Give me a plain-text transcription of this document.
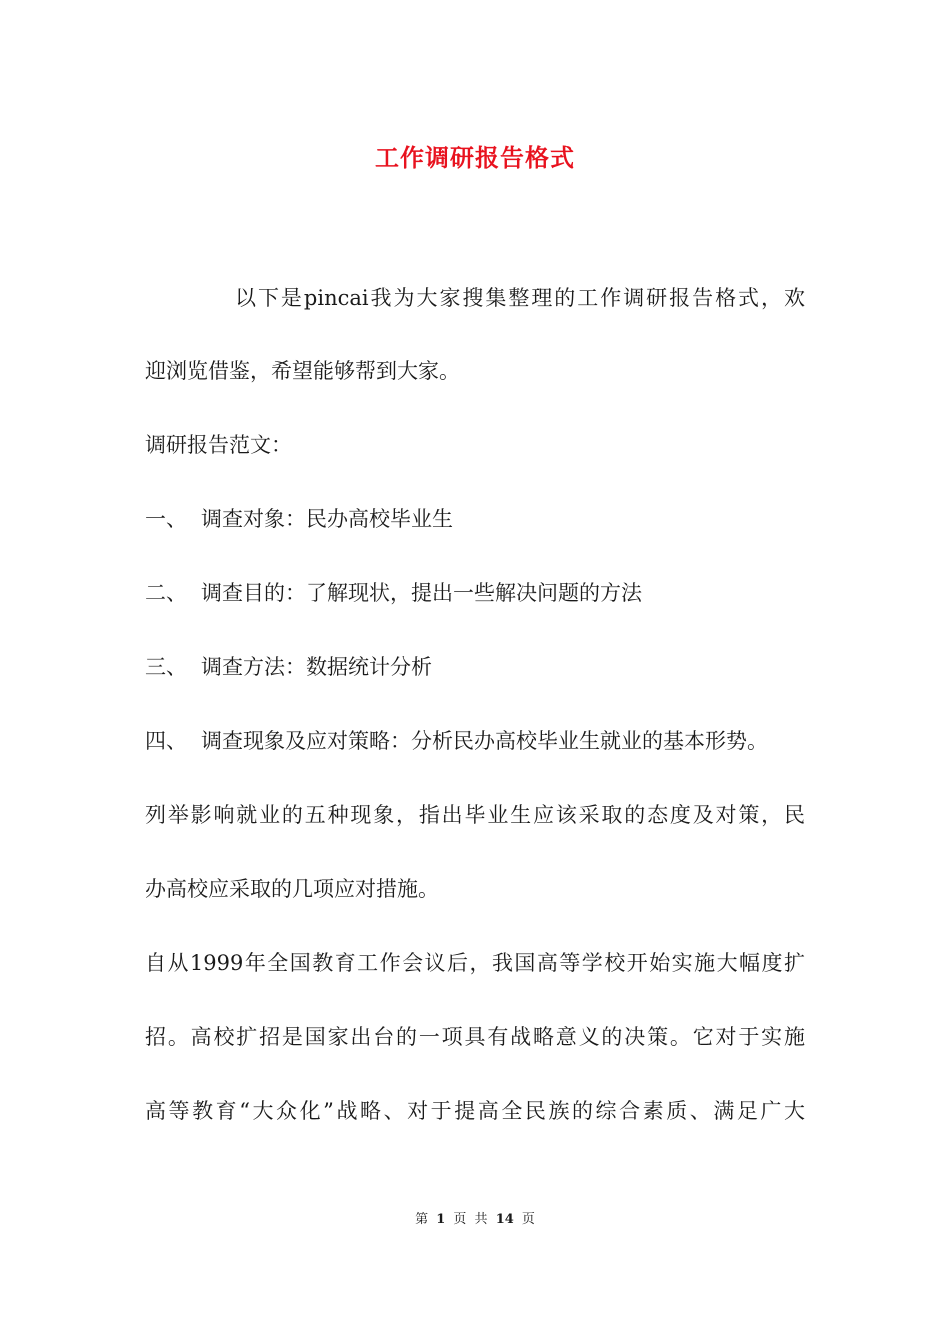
工作调研报告格式
以下是pincai我为大家搜集整理的工作调研报告格式，欢
迎浏览借鉴，希望能够帮到大家。
调研报告范文：
一、 调查对象：民办高校毕业生
二、 调查目的：了解现状，提出一些解决问题的方法
三、 调查方法：数据统计分析
四、 调查现象及应对策略：分析民办高校毕业生就业的基本形势。
列举影响就业的五种现象，指出毕业生应该采取的态度及对策，民
办高校应采取的几项应对措施。
自从1999年全国教育工作会议后，我国高等学校开始实施大幅度扩
招。高校扩招是国家出台的一项具有战略意义的决策。它对于实施
高等教育“大众化”战略、对于提高全民族的综合素质、满足广大
第 1 页 共 14 页
